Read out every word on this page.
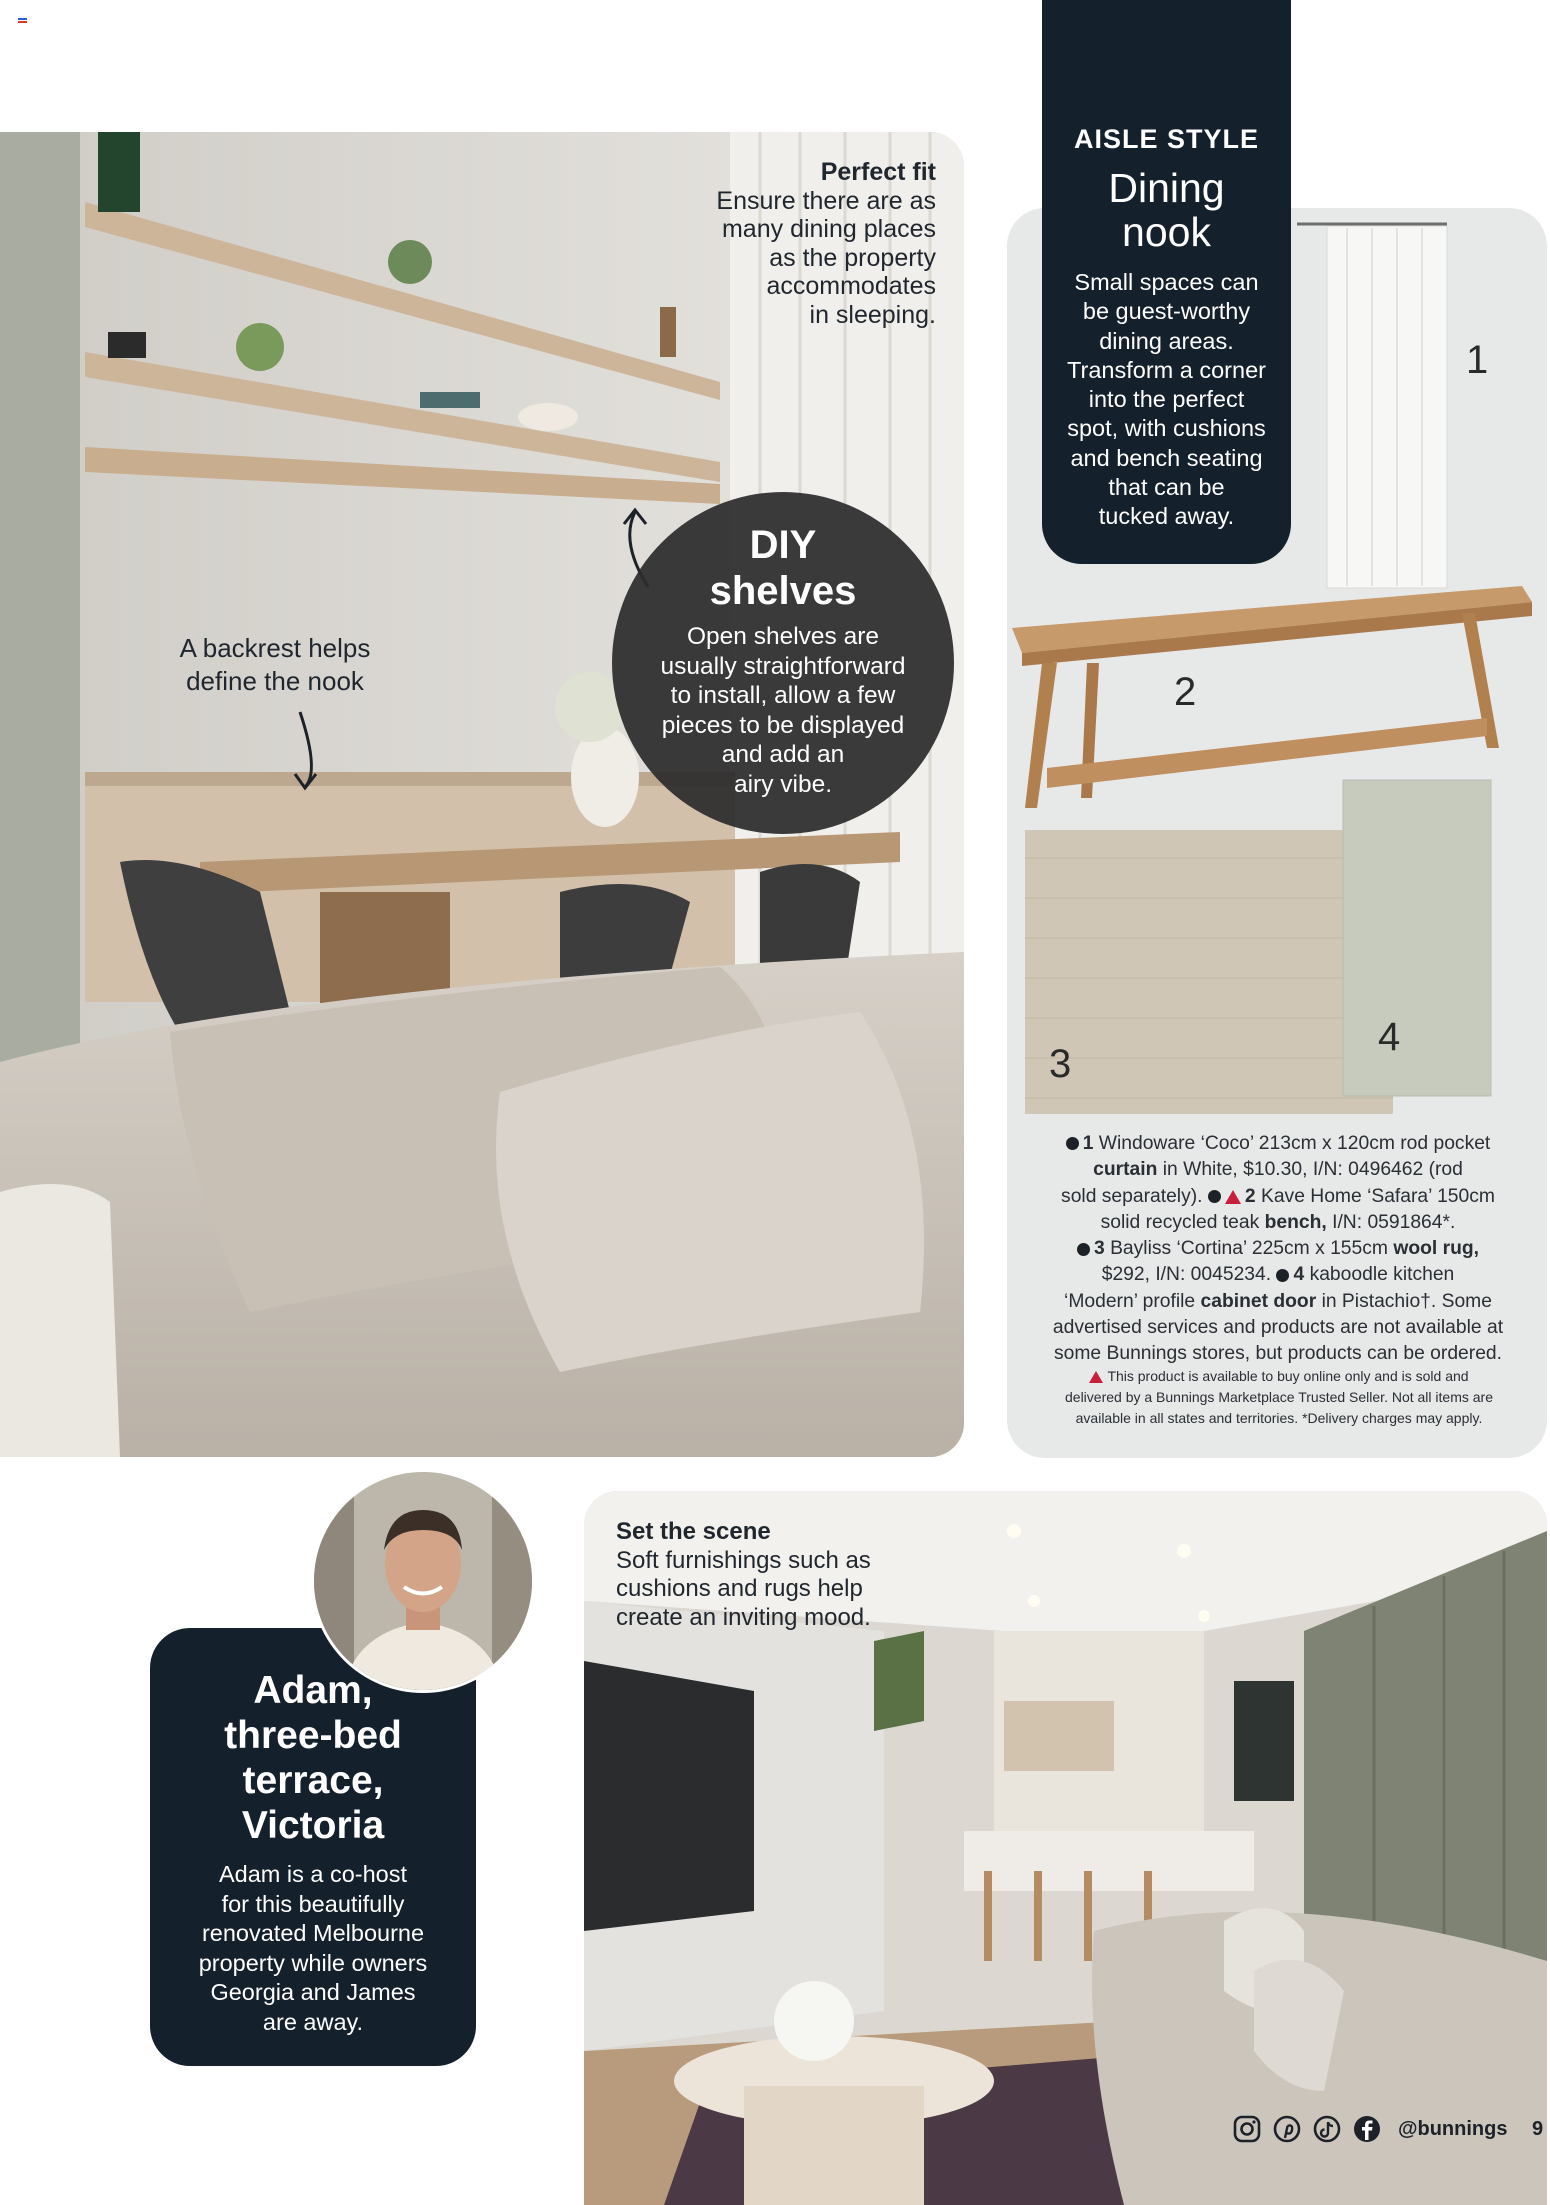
Perfect fit
Ensure there are as
many dining places
as the property
accommodates
in sleeping.
A backrest helps
define the nook
DIY
shelves
Open shelves are
usually straightforward
to install, allow a few
pieces to be displayed
and add an
airy vibe.
AISLE STYLE
Dining
nook
Small spaces can
be guest-worthy
dining areas.
Transform a corner
into the perfect
spot, with cushions
and bench seating
that can be
tucked away.
1
2
3
4
1 Windoware ‘Coco’ 213cm x 120cm rod pocket
curtain in White, $10.30, I/N: 0496462 (rod
sold separately). 2 Kave Home ‘Safara’ 150cm
solid recycled teak bench, I/N: 0591864*.
3 Bayliss ‘Cortina’ 225cm x 155cm wool rug,
$292, I/N: 0045234. 4 kaboodle kitchen
‘Modern’ profile cabinet door in Pistachio†. Some
advertised services and products are not available at
some Bunnings stores, but products can be ordered.
This product is available to buy online only and is sold and
delivered by a Bunnings Marketplace Trusted Seller. Not all items are
available in all states and territories. *Delivery charges may apply.
Adam,
three-bed
terrace,
Victoria
Adam is a co-host
for this beautifully
renovated Melbourne
property while owners
Georgia and James
are away.
Set the scene
Soft furnishings such as
cushions and rugs help
create an inviting mood.
@bunnings 9
